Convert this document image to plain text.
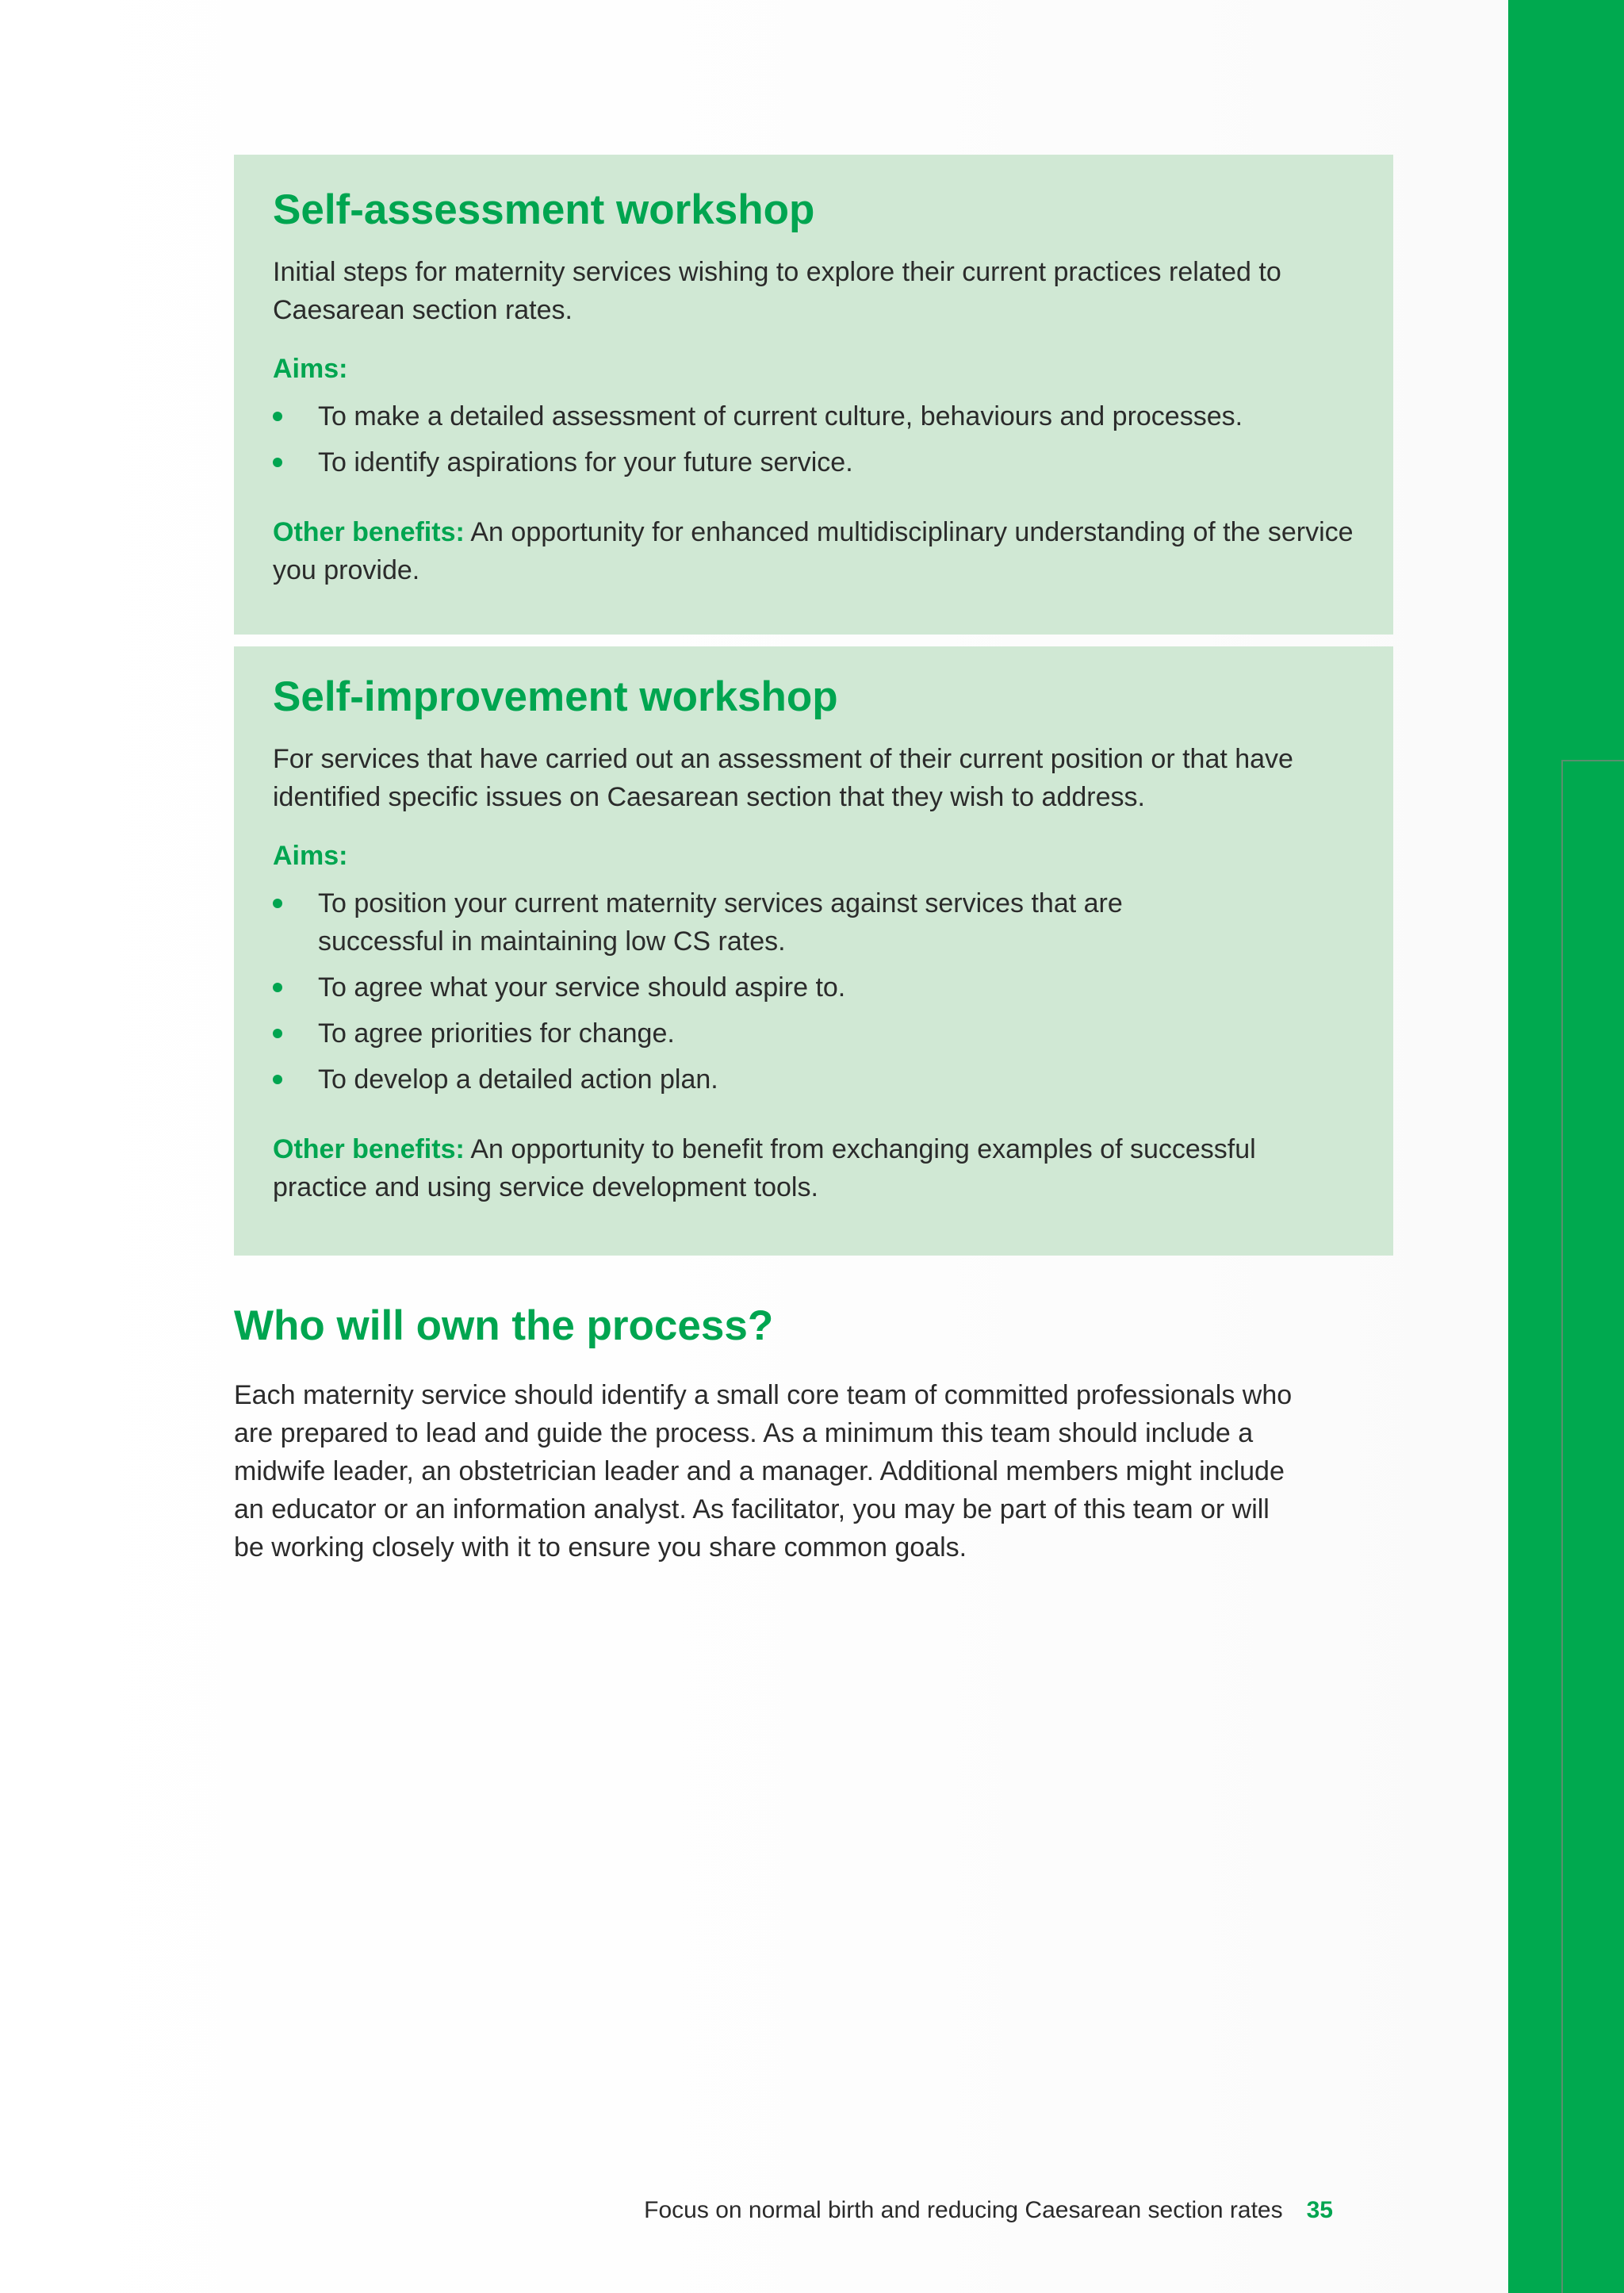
Self-assessment workshop

Initial steps for maternity services wishing to explore their current practices related to Caesarean section rates.

Aims:
To make a detailed assessment of current culture, behaviours and processes.
To identify aspirations for your future service.

Other benefits: An opportunity for enhanced multidisciplinary understanding of the service you provide.

Self-improvement workshop

For services that have carried out an assessment of their current position or that have identified specific issues on Caesarean section that they wish to address.

Aims:
To position your current maternity services against services that are successful in maintaining low CS rates.
To agree what your service should aspire to.
To agree priorities for change.
To develop a detailed action plan.

Other benefits: An opportunity to benefit from exchanging examples of successful practice and using service development tools.

Who will own the process?

Each maternity service should identify a small core team of committed professionals who are prepared to lead and guide the process. As a minimum this team should include a midwife leader, an obstetrician leader and a manager. Additional members might include an educator or an information analyst. As facilitator, you may be part of this team or will be working closely with it to ensure you share common goals.

Focus on normal birth and reducing Caesarean section rates 35
